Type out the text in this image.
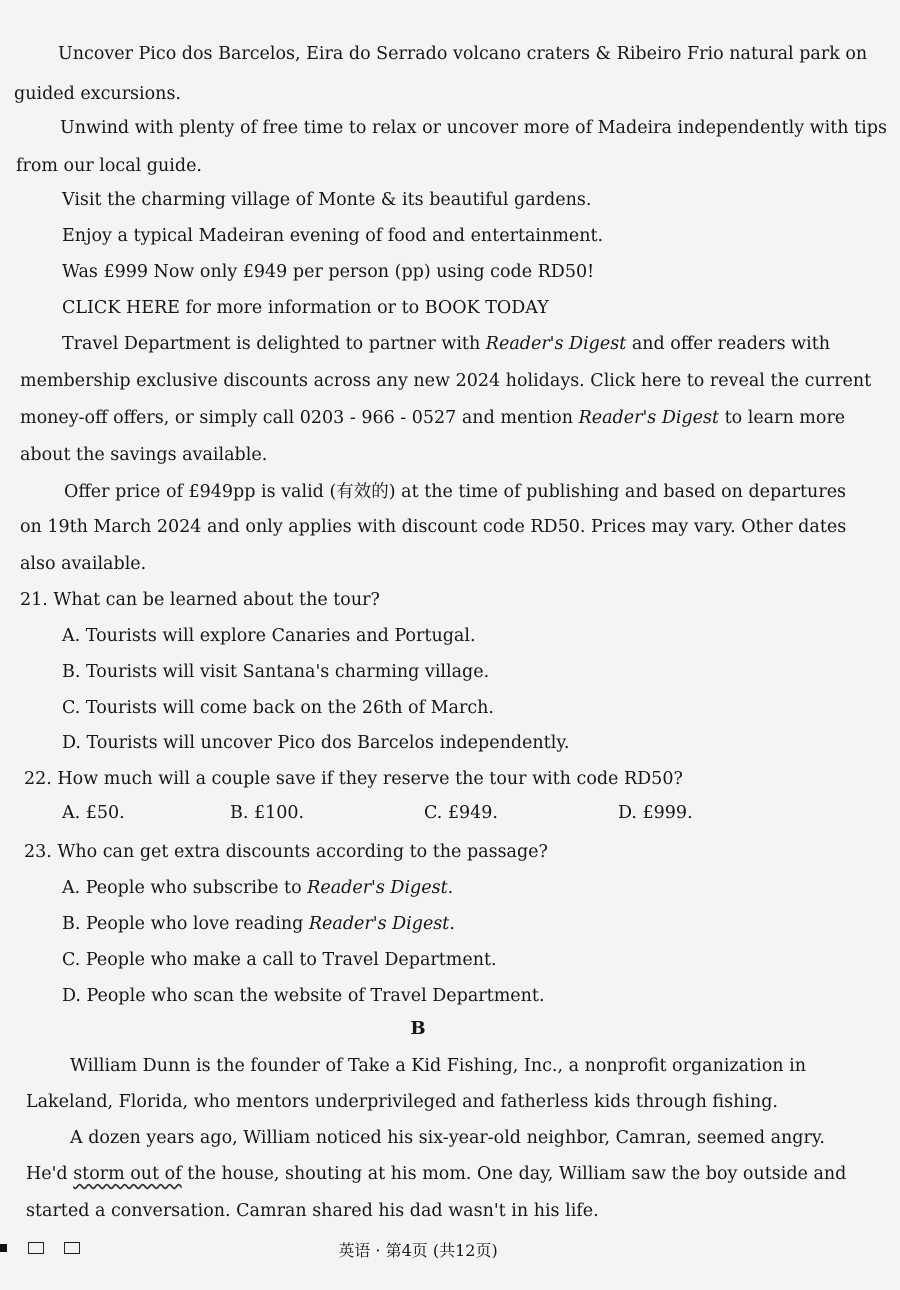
Uncover Pico dos Barcelos, Eira do Serrado volcano craters & Ribeiro Frio natural park on
guided excursions.
Unwind with plenty of free time to relax or uncover more of Madeira independently with tips
from our local guide.
Visit the charming village of Monte & its beautiful gardens.
Enjoy a typical Madeiran evening of food and entertainment.
Was £999 Now only £949 per person (pp) using code RD50!
CLICK HERE for more information or to BOOK TODAY
Travel Department is delighted to partner with Reader's Digest and offer readers with
membership exclusive discounts across any new 2024 holidays. Click here to reveal the current
money-off offers, or simply call 0203 - 966 - 0527 and mention Reader's Digest to learn more
about the savings available.
Offer price of £949pp is valid (有效的) at the time of publishing and based on departures
on 19th March 2024 and only applies with discount code RD50. Prices may vary. Other dates
also available.
21. What can be learned about the tour?
A. Tourists will explore Canaries and Portugal.
B. Tourists will visit Santana's charming village.
C. Tourists will come back on the 26th of March.
D. Tourists will uncover Pico dos Barcelos independently.
22. How much will a couple save if they reserve the tour with code RD50?
A. £50.	B. £100.	C. £949.	D. £999.
23. Who can get extra discounts according to the passage?
A. People who subscribe to Reader's Digest.
B. People who love reading Reader's Digest.
C. People who make a call to Travel Department.
D. People who scan the website of Travel Department.
B
William Dunn is the founder of Take a Kid Fishing, Inc., a nonprofit organization in
Lakeland, Florida, who mentors underprivileged and fatherless kids through fishing.
A dozen years ago, William noticed his six-year-old neighbor, Camran, seemed angry.
He'd storm out of the house, shouting at his mom. One day, William saw the boy outside and
started a conversation. Camran shared his dad wasn't in his life.
英语 · 第4页 (共12页)
